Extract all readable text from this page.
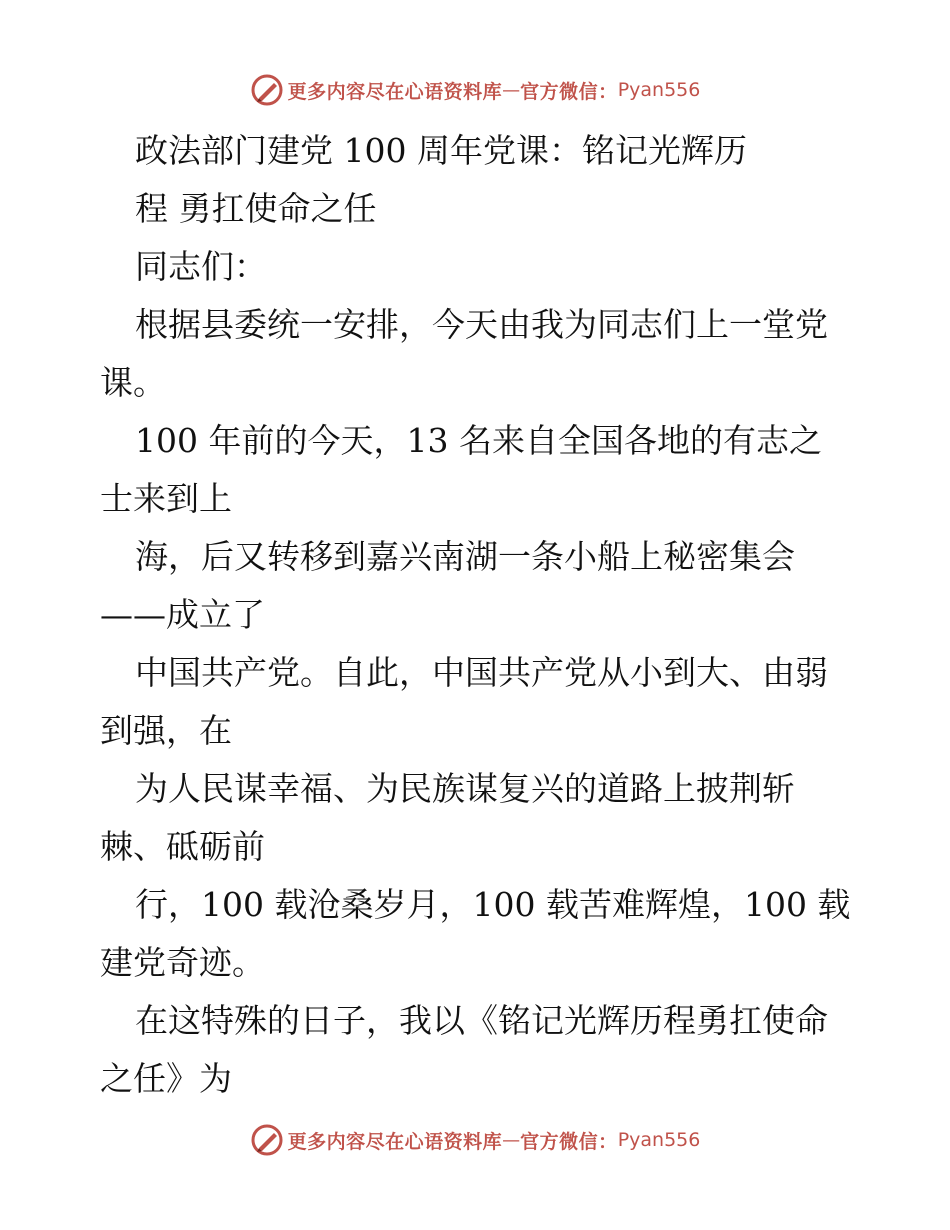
更多内容尽在心语资料库 — 官方微信： Pyan556
政法部门建党 100 周年党课：铭记光辉历
程 勇扛使命之任
同志们：
根据县委统一安排，今天由我为同志们上一堂党
课。
100 年前的今天，13 名来自全国各地的有志之
士来到上
海，后又转移到嘉兴南湖一条小船上秘密集会
——成立了
中国共产党。自此，中国共产党从小到大、由弱
到强，在
为人民谋幸福、为民族谋复兴的道路上披荆斩
棘、砥砺前
行，100 载沧桑岁月，100 载苦难辉煌，100 载
建党奇迹。
在这特殊的日子，我以《铭记光辉历程勇扛使命
之任》为
更多内容尽在心语资料库 — 官方微信： Pyan556
